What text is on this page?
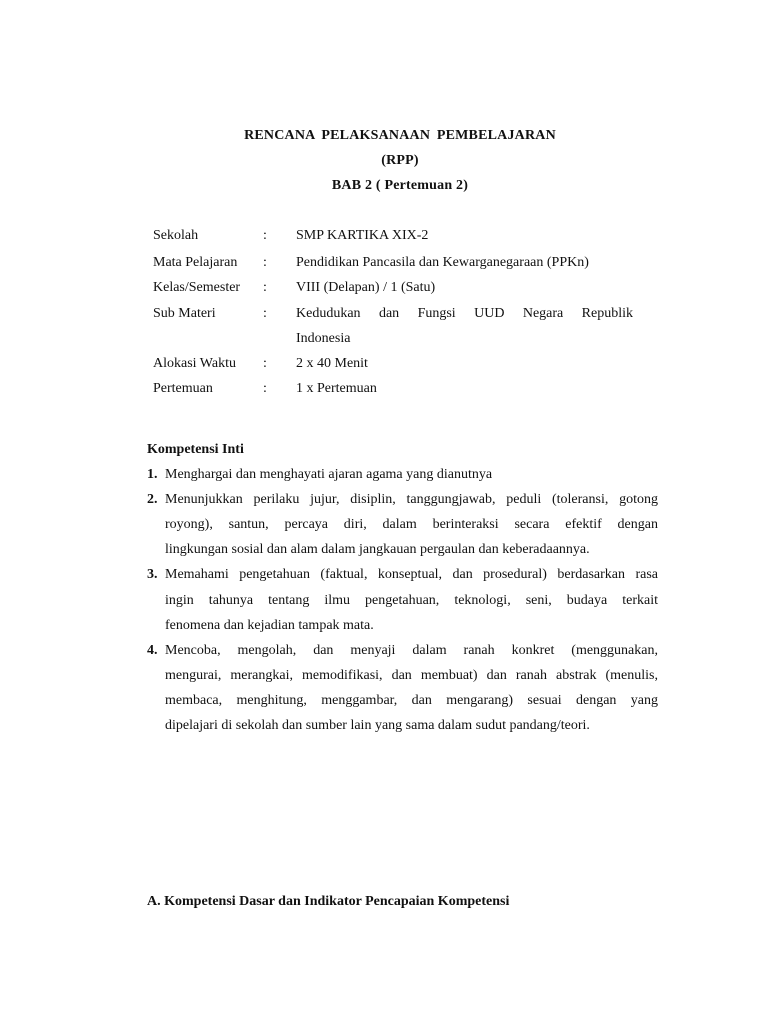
RENCANA PELAKSANAAN PEMBELAJARAN
(RPP)
BAB 2 ( Pertemuan 2)
Sekolah	: SMP KARTIKA XIX-2
Mata Pelajaran : Pendidikan Pancasila dan Kewarganegaraan (PPKn)
Kelas/Semester : VIII (Delapan) / 1 (Satu)
Sub Materi	: Kedudukan dan Fungsi UUD Negara Republik
Indonesia
Alokasi Waktu : 2 x 40 Menit
Pertemuan	: 1 x Pertemuan
Kompetensi Inti
1. Menghargai dan menghayati ajaran agama yang dianutnya
2. Menunjukkan perilaku jujur, disiplin, tanggungjawab, peduli (toleransi, gotong
royong), santun, percaya diri, dalam berinteraksi secara efektif dengan
lingkungan sosial dan alam dalam jangkauan pergaulan dan keberadaannya.
3. Memahami pengetahuan (faktual, konseptual, dan prosedural) berdasarkan rasa
ingin tahunya tentang ilmu pengetahuan, teknologi, seni, budaya terkait
fenomena dan kejadian tampak mata.
4. Mencoba, mengolah, dan menyaji dalam ranah konkret (menggunakan,
mengurai, merangkai, memodifikasi, dan membuat) dan ranah abstrak (menulis,
membaca, menghitung, menggambar, dan mengarang) sesuai dengan yang
dipelajari di sekolah dan sumber lain yang sama dalam sudut pandang/teori.
A. Kompetensi Dasar dan Indikator Pencapaian Kompetensi
